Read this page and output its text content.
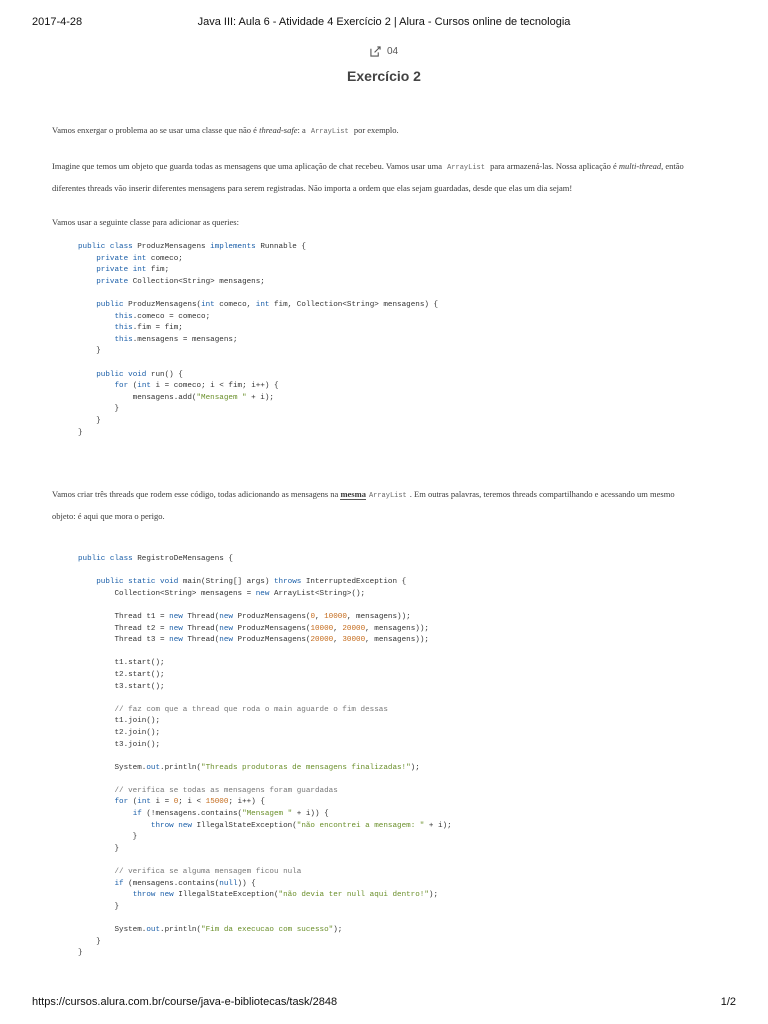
2017-4-28	Java III: Aula 6 - Atividade 4 Exercício 2 | Alura - Cursos online de tecnologia
04
Exercício 2

Vamos enxergar o problema ao se usar uma classe que não é thread-safe: a ArrayList por exemplo.

Imagine que temos um objeto que guarda todas as mensagens que uma aplicação de chat recebeu. Vamos usar uma ArrayList para armazená-las. Nossa aplicação é multi-thread, então diferentes threads vão inserir diferentes mensagens para serem registradas. Não importa a ordem que elas sejam guardadas, desde que elas um dia sejam!

Vamos usar a seguinte classe para adicionar as queries:

public class ProduzMensagens implements Runnable {
private int comeco;
private int fim;
private Collection<String> mensagens;

public ProduzMensagens(int comeco, int fim, Collection<String> mensagens) {
this.comeco = comeco;
this.fim = fim;
this.mensagens = mensagens;
}

public void run() {
for (int i = comeco; i < fim; i++) {
mensagens.add("Mensagem " + i);
}
}
}

Vamos criar três threads que rodem esse código, todas adicionando as mensagens na mesma ArrayList . Em outras palavras, teremos threads compartilhando e acessando um mesmo objeto: é aqui que mora o perigo.

public class RegistroDeMensagens {

public static void main(String[] args) throws InterruptedException {
Collection<String> mensagens = new ArrayList<String>();

Thread t1 = new Thread(new ProduzMensagens(0, 10000, mensagens));
Thread t2 = new Thread(new ProduzMensagens(10000, 20000, mensagens));
Thread t3 = new Thread(new ProduzMensagens(20000, 30000, mensagens));

t1.start();
t2.start();
t3.start();

// faz com que a thread que roda o main aguarde o fim dessas
t1.join();
t2.join();
t3.join();

System.out.println("Threads produtoras de mensagens finalizadas!");

// verifica se todas as mensagens foram guardadas
for (int i = 0; i < 15000; i++) {
if (!mensagens.contains("Mensagem " + i)) {
throw new IllegalStateException("não encontrei a mensagem: " + i);
}
}

// verifica se alguma mensagem ficou nula
if (mensagens.contains(null)) {
throw new IllegalStateException("não devia ter null aqui dentro!");
}

System.out.println("Fim da execucao com sucesso");
}
}
https://cursos.alura.com.br/course/java-e-bibliotecas/task/2848	1/2
